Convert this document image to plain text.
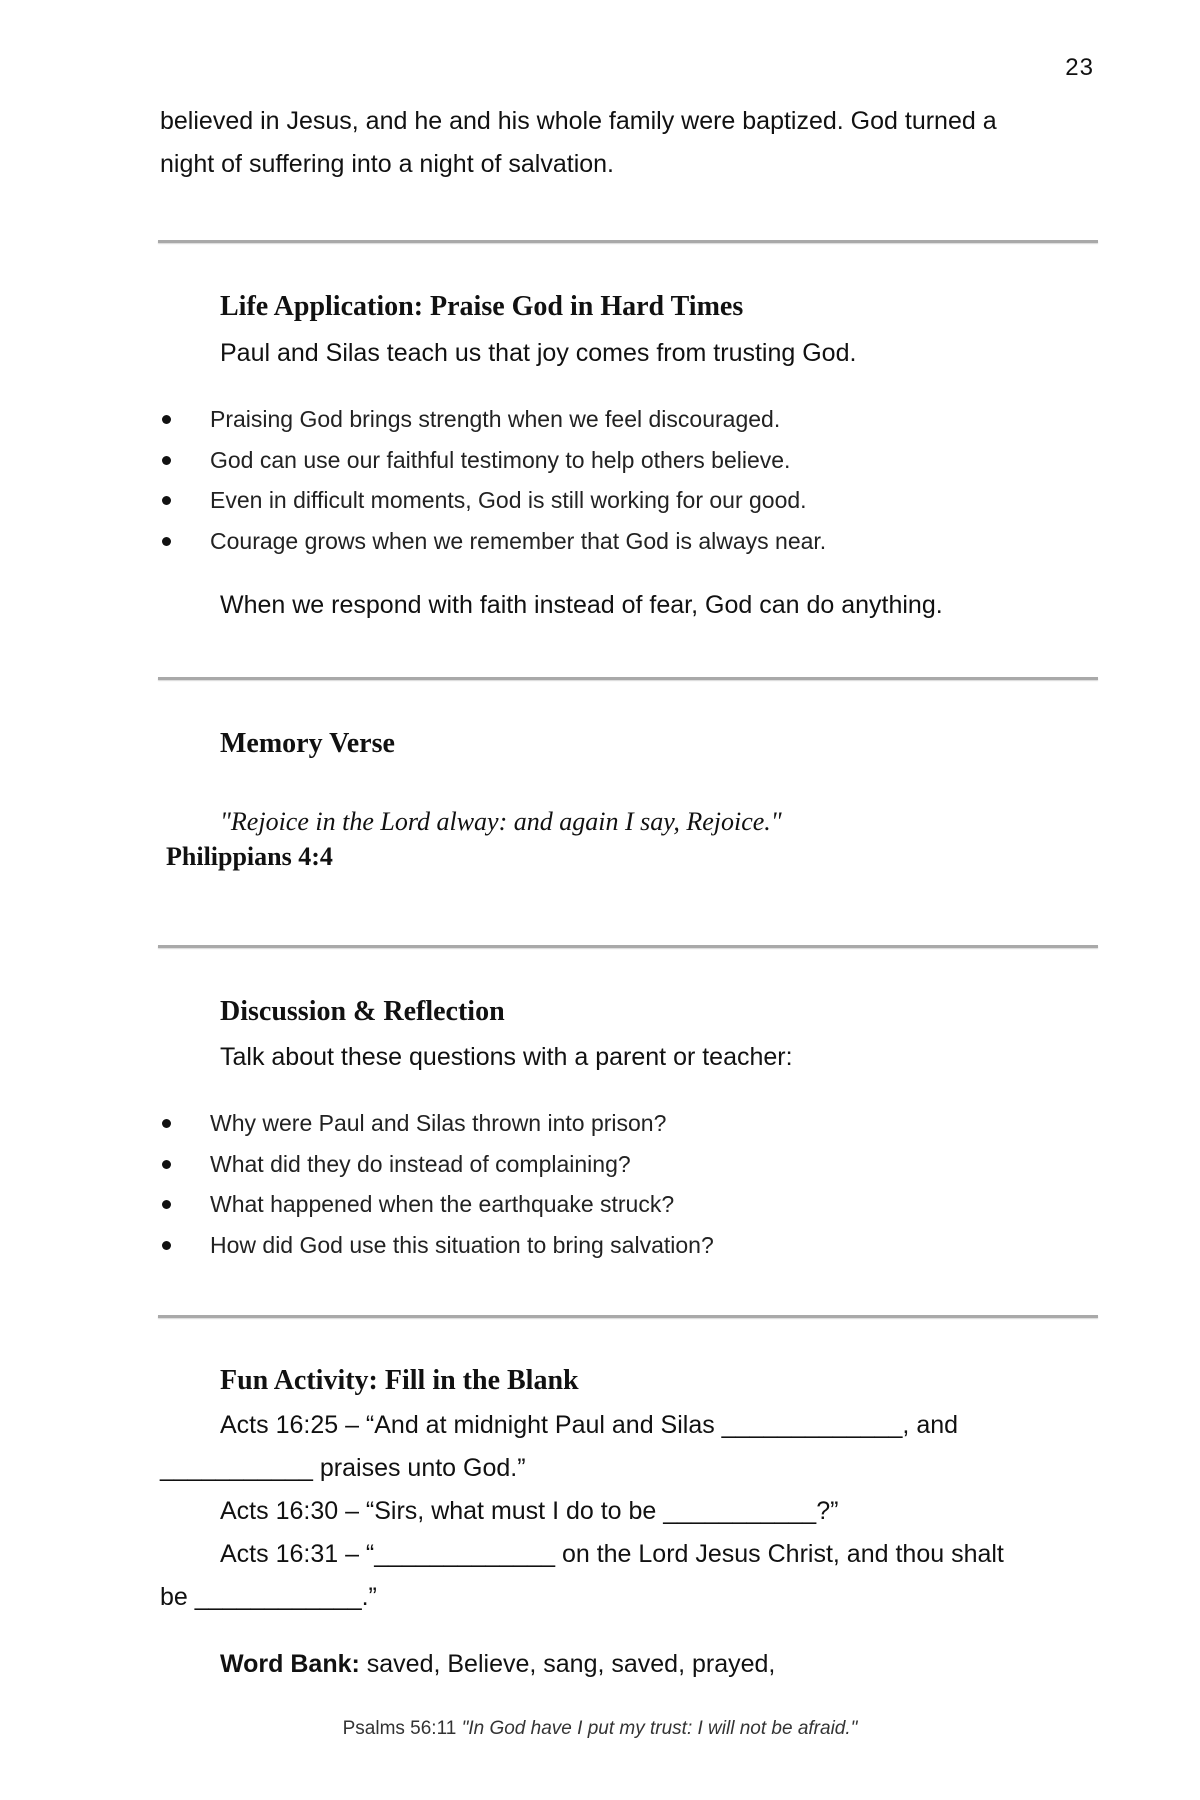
23
believed in Jesus, and he and his whole family were baptized. God turned a
night of suffering into a night of salvation.
Life Application: Praise God in Hard Times
Paul and Silas teach us that joy comes from trusting God.
Praising God brings strength when we feel discouraged.
God can use our faithful testimony to help others believe.
Even in difficult moments, God is still working for our good.
Courage grows when we remember that God is always near.
When we respond with faith instead of fear, God can do anything.
Memory Verse
"Rejoice in the Lord alway: and again I say, Rejoice."
Philippians 4:4
Discussion & Reflection
Talk about these questions with a parent or teacher:
Why were Paul and Silas thrown into prison?
What did they do instead of complaining?
What happened when the earthquake struck?
How did God use this situation to bring salvation?
Fun Activity: Fill in the Blank
Acts 16:25 – “And at midnight Paul and Silas _____________, and
___________ praises unto God.”
Acts 16:30 – “Sirs, what must I do to be ___________?”
Acts 16:31 – “_____________ on the Lord Jesus Christ, and thou shalt
be ____________.”
Word Bank: saved, Believe, sang, saved, prayed,
Psalms 56:11 "In God have I put my trust: I will not be afraid."
